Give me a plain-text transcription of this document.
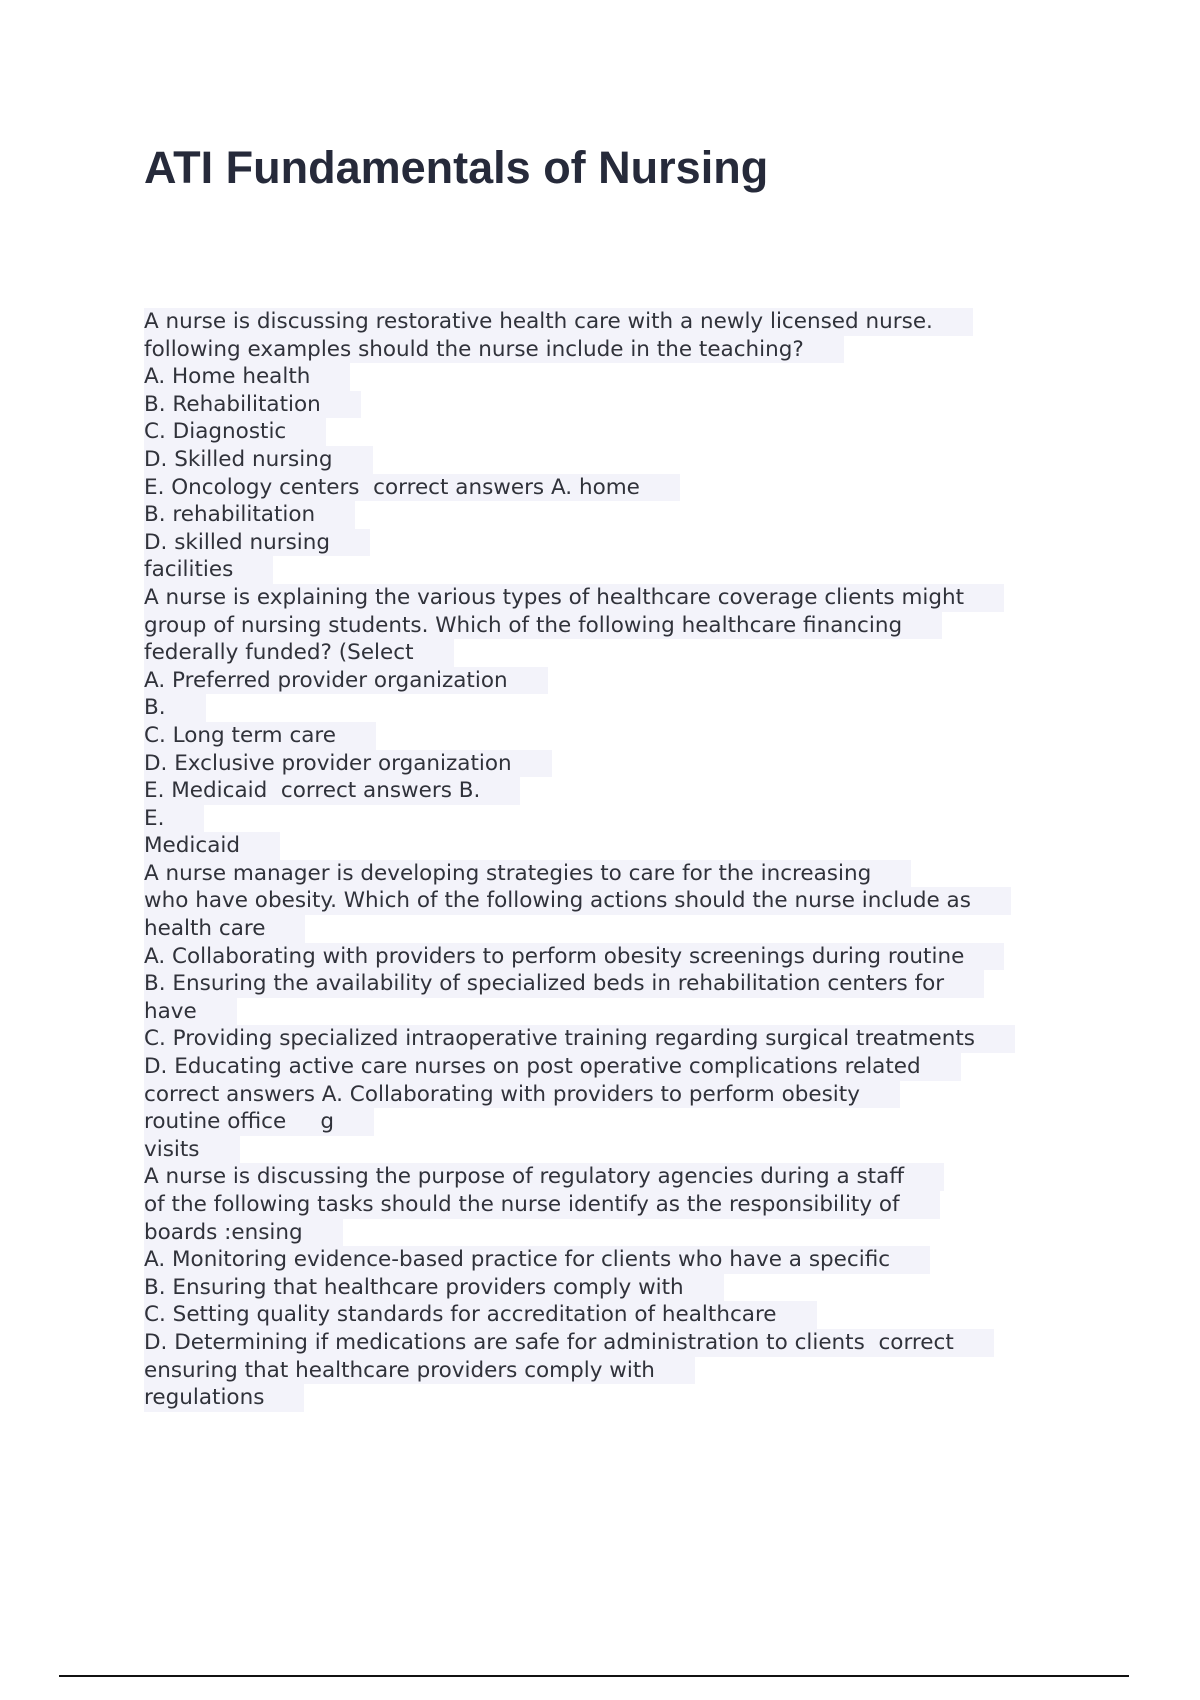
ATI Fundamentals of Nursing
A nurse is discussing restorative health care with a newly licensed nurse.
following examples should the nurse include in the teaching?
A. Home health
B. Rehabilitation
C. Diagnostic
D. Skilled nursing
E. Oncology centers  correct answers A. home
B. rehabilitation
D. skilled nursing
facilities
A nurse is explaining the various types of healthcare coverage clients might
group of nursing students. Which of the following healthcare financing
federally funded? (Select
A. Preferred provider organization
B.
C. Long term care
D. Exclusive provider organization
E. Medicaid  correct answers B.
E.
Medicaid
A nurse manager is developing strategies to care for the increasing
who have obesity. Which of the following actions should the nurse include as
health care
A. Collaborating with providers to perform obesity screenings during routine
B. Ensuring the availability of specialized beds in rehabilitation centers for
have
C. Providing specialized intraoperative training regarding surgical treatments
D. Educating active care nurses on post operative complications related
correct answers A. Collaborating with providers to perform obesity
routine office     g
visits
A nurse is discussing the purpose of regulatory agencies during a staff
of the following tasks should the nurse identify as the responsibility of
boards :ensing
A. Monitoring evidence-based practice for clients who have a specific
B. Ensuring that healthcare providers comply with
C. Setting quality standards for accreditation of healthcare
D. Determining if medications are safe for administration to clients  correct
ensuring that healthcare providers comply with
regulations
